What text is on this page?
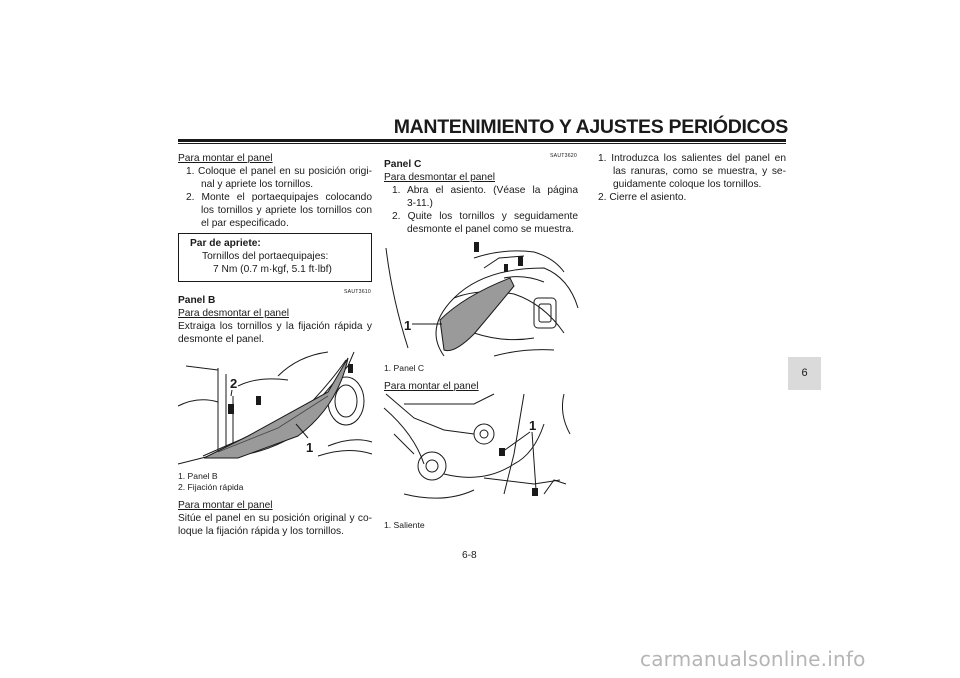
MANTENIMIENTO Y AJUSTES PERIÓDICOS
Para montar el panel
1. Coloque el panel en su posición origi-
nal y apriete los tornillos.
2. Monte el portaequipajes colocando
los tornillos y apriete los tornillos con
el par especificado.
Par de apriete:
Tornillos del portaequipajes:
7 Nm (0.7 m·kgf, 5.1 ft·lbf)
SAUT3610
Panel B
Para desmontar el panel
Extraiga los tornillos y la fijación rápida y
desmonte el panel.
2
1
1. Panel B
2. Fijación rápida
Para montar el panel
Sitúe el panel en su posición original y co-
loque la fijación rápida y los tornillos.
SAUT3620
Panel C
Para desmontar el panel
1. Abra el asiento. (Véase la página
3-11.)
2. Quite los tornillos y seguidamente
desmonte el panel como se muestra.
1
1. Panel C
Para montar el panel
1
1. Saliente
1. Introduzca los salientes del panel en
las ranuras, como se muestra, y se-
guidamente coloque los tornillos.
2. Cierre el asiento.
6
6-8
carmanualsonline.info
